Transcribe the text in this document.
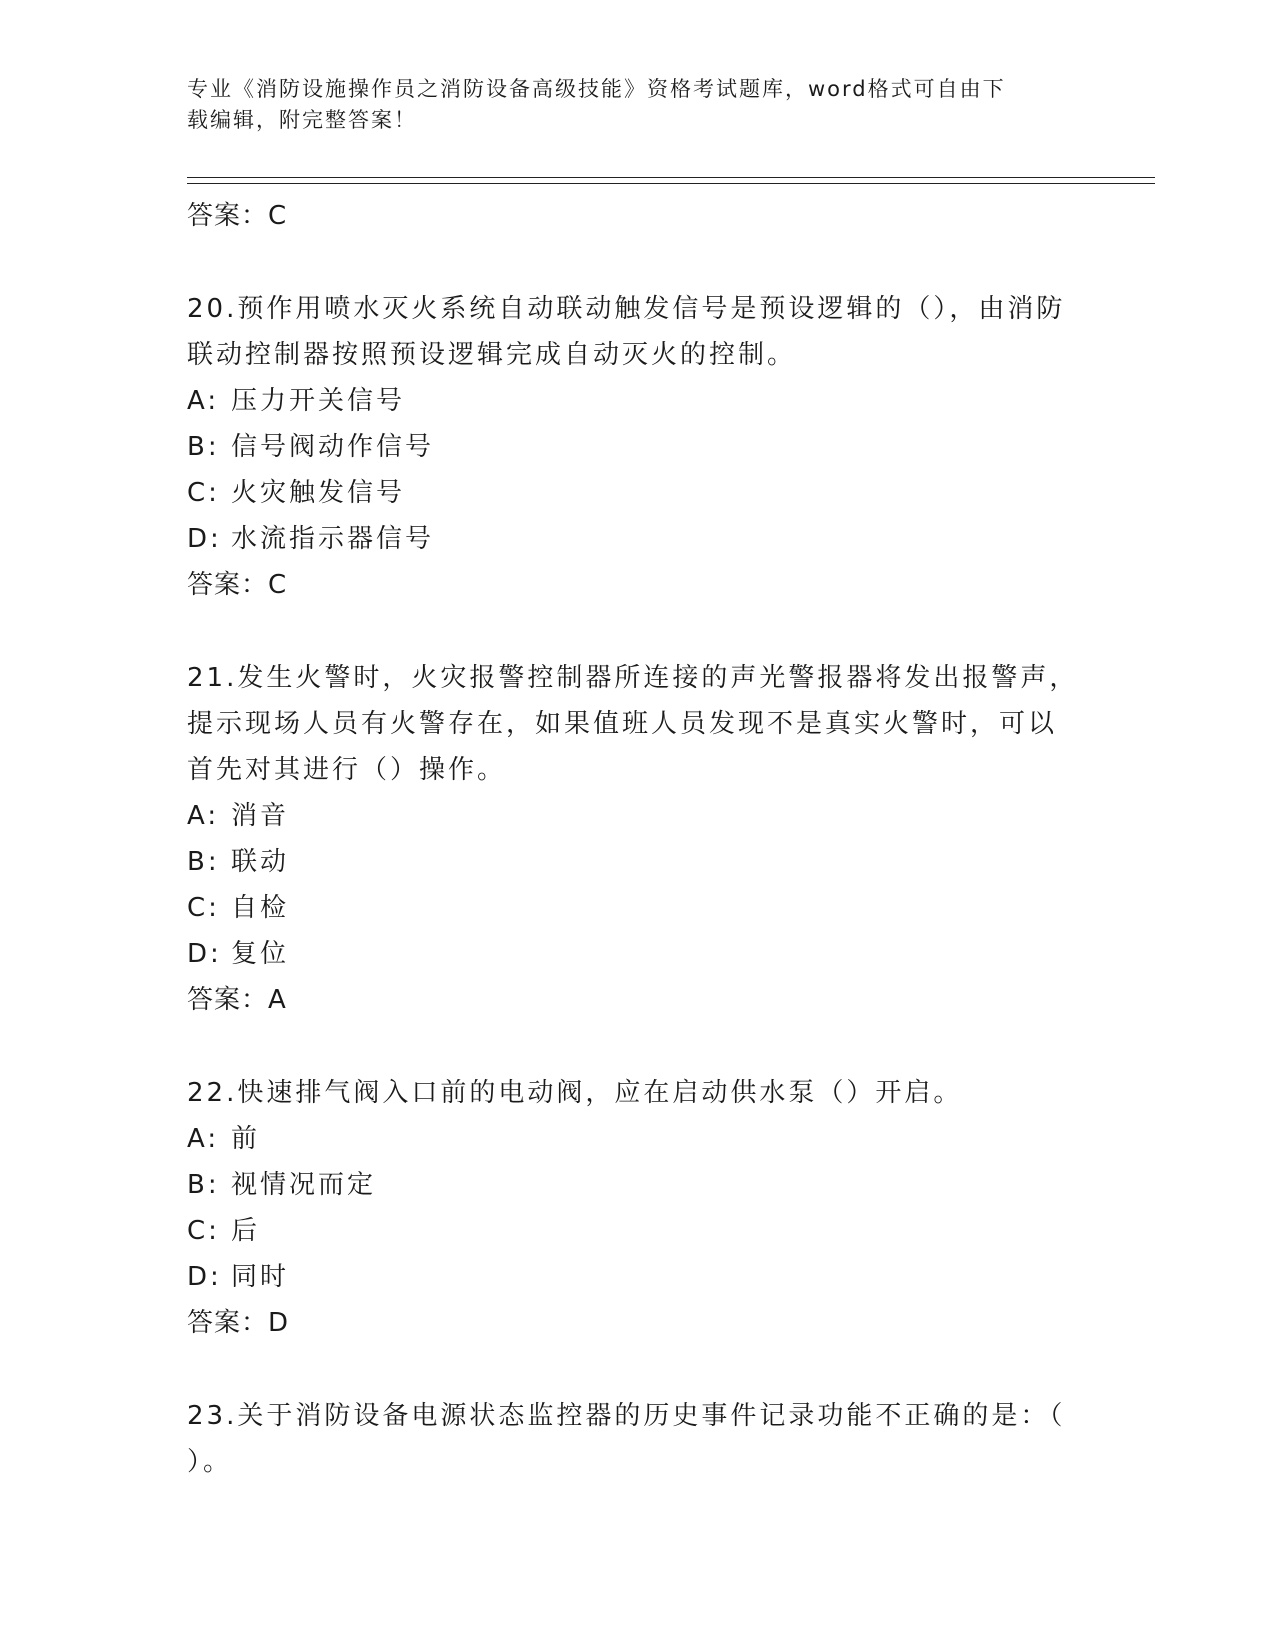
专业《消防设施操作员之消防设备高级技能》资格考试题库，word格式可自由下
载编辑，附完整答案！
答案：C
20.预作用喷水灭火系统自动联动触发信号是预设逻辑的（），由消防
联动控制器按照预设逻辑完成自动灭火的控制。
A: 压力开关信号
B: 信号阀动作信号
C: 火灾触发信号
D: 水流指示器信号
答案：C
21.发生火警时，火灾报警控制器所连接的声光警报器将发出报警声，
提示现场人员有火警存在，如果值班人员发现不是真实火警时，可以
首先对其进行（）操作。
A: 消音
B: 联动
C: 自检
D: 复位
答案：A
22.快速排气阀入口前的电动阀，应在启动供水泵（）开启。
A: 前
B: 视情况而定
C: 后
D: 同时
答案：D
23.关于消防设备电源状态监控器的历史事件记录功能不正确的是：（
）。
